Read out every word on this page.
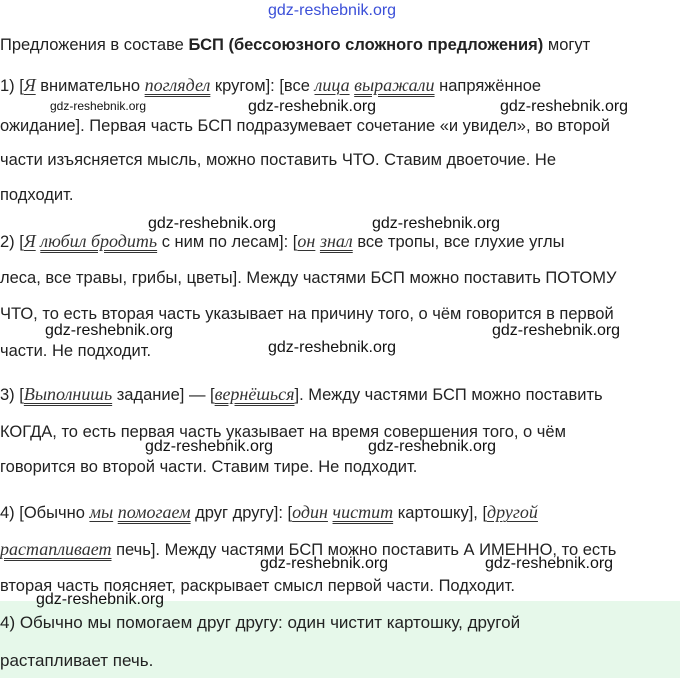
gdz-reshebnik.org
Предложения в составе БСП (бессоюзного сложного предложения) могут
1) [Я внимательно поглядел кругом]: [все лица выражали напряжённое
gdz-reshebnik.org	gdz-reshebnik.org	gdz-reshebnik.org
ожидание]. Первая часть БСП подразумевает сочетание «и увидел», во второй
части изъясняется мысль, можно поставить ЧТО. Ставим двоеточие. Не
подходит.
gdz-reshebnik.org	gdz-reshebnik.org
2) [Я любил бродить с ним по лесам]: [он знал все тропы, все глухие углы
леса, все травы, грибы, цветы]. Между частями БСП можно поставить ПОТОМУ
ЧТО, то есть вторая часть указывает на причину того, о чём говорится в первой
gdz-reshebnik.org	gdz-reshebnik.org
части. Не подходит.	gdz-reshebnik.org
3) [Выполнишь задание] — [вернёшься]. Между частями БСП можно поставить
КОГДА, то есть первая часть указывает на время совершения того, о чём
gdz-reshebnik.org	gdz-reshebnik.org
говорится во второй части. Ставим тире. Не подходит.
4) [Обычно мы помогаем друг другу]: [один чистит картошку], [другой
растапливает печь]. Между частями БСП можно поставить А ИМЕННО, то есть
gdz-reshebnik.org	gdz-reshebnik.org
вторая часть поясняет, раскрывает смысл первой части. Подходит.
gdz-reshebnik.org
4) Обычно мы помогаем друг другу: один чистит картошку, другой
растапливает печь.
